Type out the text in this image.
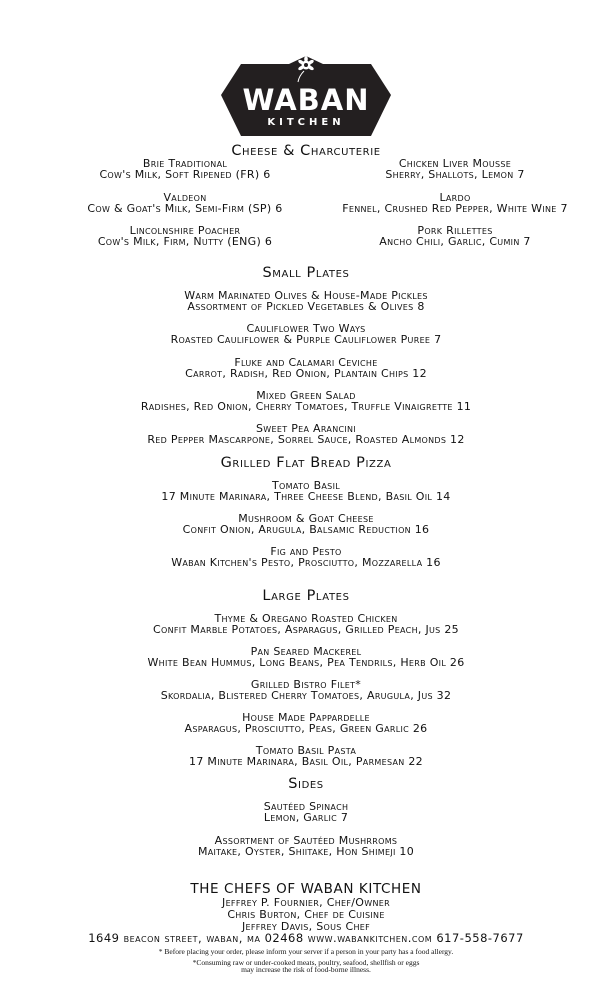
WABAN
KITCHEN
Cheese & Charcuterie
Brie Traditional
Cow's Milk, Soft Ripened (FR) 6
Valdeon
Cow & Goat's Milk, Semi-Firm (SP) 6
Lincolnshire Poacher
Cow's Milk, Firm, Nutty (ENG) 6
Chicken Liver Mousse
Sherry, Shallots, Lemon 7
Lardo
Fennel, Crushed Red Pepper, White Wine 7
Pork Rillettes
Ancho Chili, Garlic, Cumin 7
Small Plates
Warm Marinated Olives & House-Made Pickles
Assortment of Pickled Vegetables & Olives 8
Cauliflower Two Ways
Roasted Cauliflower & Purple Cauliflower Puree 7
Fluke and Calamari Ceviche
Carrot, Radish, Red Onion, Plantain Chips 12
Mixed Green Salad
Radishes, Red Onion, Cherry Tomatoes, Truffle Vinaigrette 11
Sweet Pea Arancini
Red Pepper Mascarpone, Sorrel Sauce, Roasted Almonds 12
Grilled Flat Bread Pizza
Tomato Basil
17 Minute Marinara, Three Cheese Blend, Basil Oil 14
Mushroom & Goat Cheese
Confit Onion, Arugula, Balsamic Reduction 16
Fig and Pesto
Waban Kitchen's Pesto, Prosciutto, Mozzarella 16
Large Plates
Thyme & Oregano Roasted Chicken
Confit Marble Potatoes, Asparagus, Grilled Peach, Jus 25
Pan Seared Mackerel
White Bean Hummus, Long Beans, Pea Tendrils, Herb Oil 26
Grilled Bistro Filet*
Skordalia, Blistered Cherry Tomatoes, Arugula, Jus 32
House Made Pappardelle
Asparagus, Prosciutto, Peas, Green Garlic 26
Tomato Basil Pasta
17 Minute Marinara, Basil Oil, Parmesan 22
Sides
Sautéed Spinach
Lemon, Garlic 7
Assortment of Sautéed Mushrroms
Maitake, Oyster, Shiitake, Hon Shimeji 10
THE CHEFS OF WABAN KITCHEN
Jeffrey P. Fournier, Chef/Owner
Chris Burton, Chef de Cuisine
Jeffrey Davis, Sous Chef
1649 beacon street, waban, ma 02468 www.wabankitchen.com 617-558-7677
* Before placing your order, please inform your server if a person in your party has a food allergy.
*Consuming raw or under-cooked meats, poultry, seafood, shellfish or eggs
may increase the risk of food-borne illness.
